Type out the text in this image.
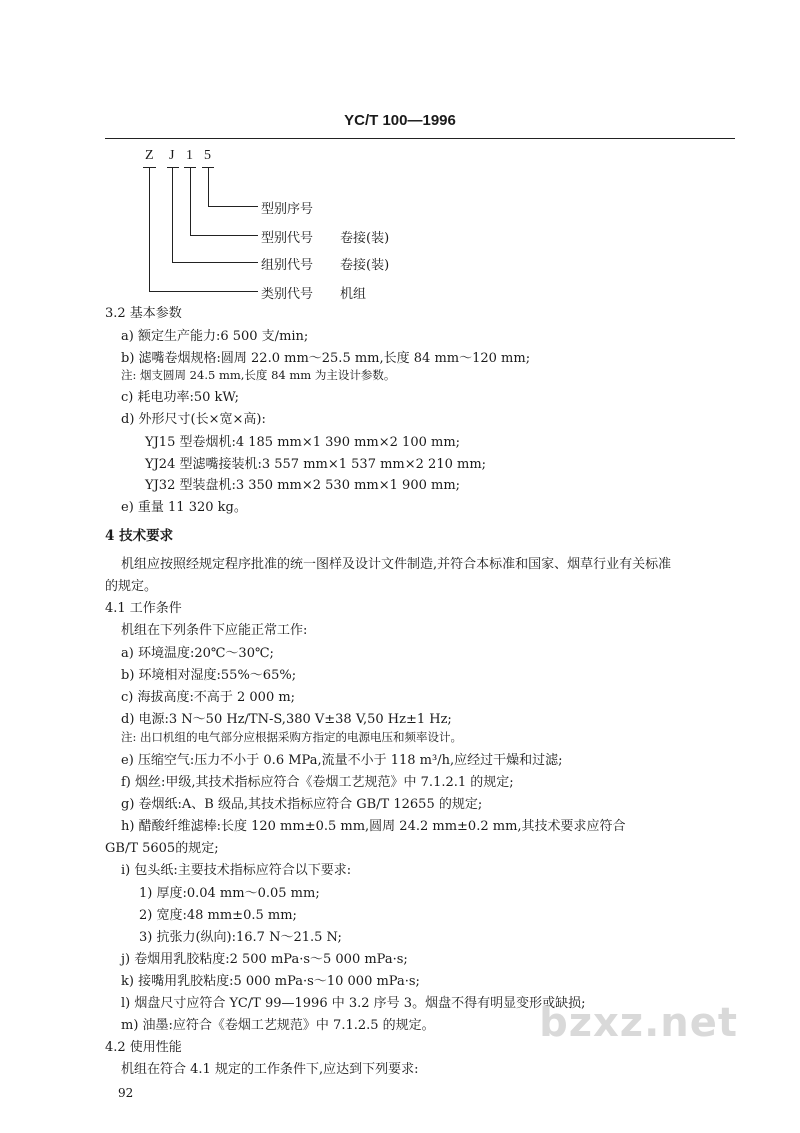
YC/T 100—1996
Z J 1 5
型别序号
型别代号 卷接(装)
组别代号 卷接(装)
类别代号 机组
3.2 基本参数
a) 额定生产能力:6 500 支/min;
b) 滤嘴卷烟规格:圆周 22.0 mm～25.5 mm,长度 84 mm～120 mm;
注: 烟支圆周 24.5 mm,长度 84 mm 为主设计参数。
c) 耗电功率:50 kW;
d) 外形尺寸(长×宽×高):
YJ15 型卷烟机:4 185 mm×1 390 mm×2 100 mm;
YJ24 型滤嘴接装机:3 557 mm×1 537 mm×2 210 mm;
YJ32 型装盘机:3 350 mm×2 530 mm×1 900 mm;
e) 重量 11 320 kg。
4 技术要求
机组应按照经规定程序批准的统一图样及设计文件制造,并符合本标准和国家、烟草行业有关标准
的规定。
4.1 工作条件
机组在下列条件下应能正常工作:
a) 环境温度:20℃～30℃;
b) 环境相对湿度:55%～65%;
c) 海拔高度:不高于 2 000 m;
d) 电源:3 N～50 Hz/TN-S,380 V±38 V,50 Hz±1 Hz;
注: 出口机组的电气部分应根据采购方指定的电源电压和频率设计。
e) 压缩空气:压力不小于 0.6 MPa,流量不小于 118 m³/h,应经过干燥和过滤;
f) 烟丝:甲级,其技术指标应符合《卷烟工艺规范》中 7.1.2.1 的规定;
g) 卷烟纸:A、B 级品,其技术指标应符合 GB/T 12655 的规定;
h) 醋酸纤维滤棒:长度 120 mm±0.5 mm,圆周 24.2 mm±0.2 mm,其技术要求应符合
GB/T 5605的规定;
i) 包头纸:主要技术指标应符合以下要求:
1) 厚度:0.04 mm～0.05 mm;
2) 宽度:48 mm±0.5 mm;
3) 抗张力(纵向):16.7 N～21.5 N;
j) 卷烟用乳胶粘度:2 500 mPa·s～5 000 mPa·s;
k) 接嘴用乳胶粘度:5 000 mPa·s～10 000 mPa·s;
l) 烟盘尺寸应符合 YC/T 99—1996 中 3.2 序号 3。烟盘不得有明显变形或缺损;
m) 油墨:应符合《卷烟工艺规范》中 7.1.2.5 的规定。
4.2 使用性能
机组在符合 4.1 规定的工作条件下,应达到下列要求:
92
bzxz.net
